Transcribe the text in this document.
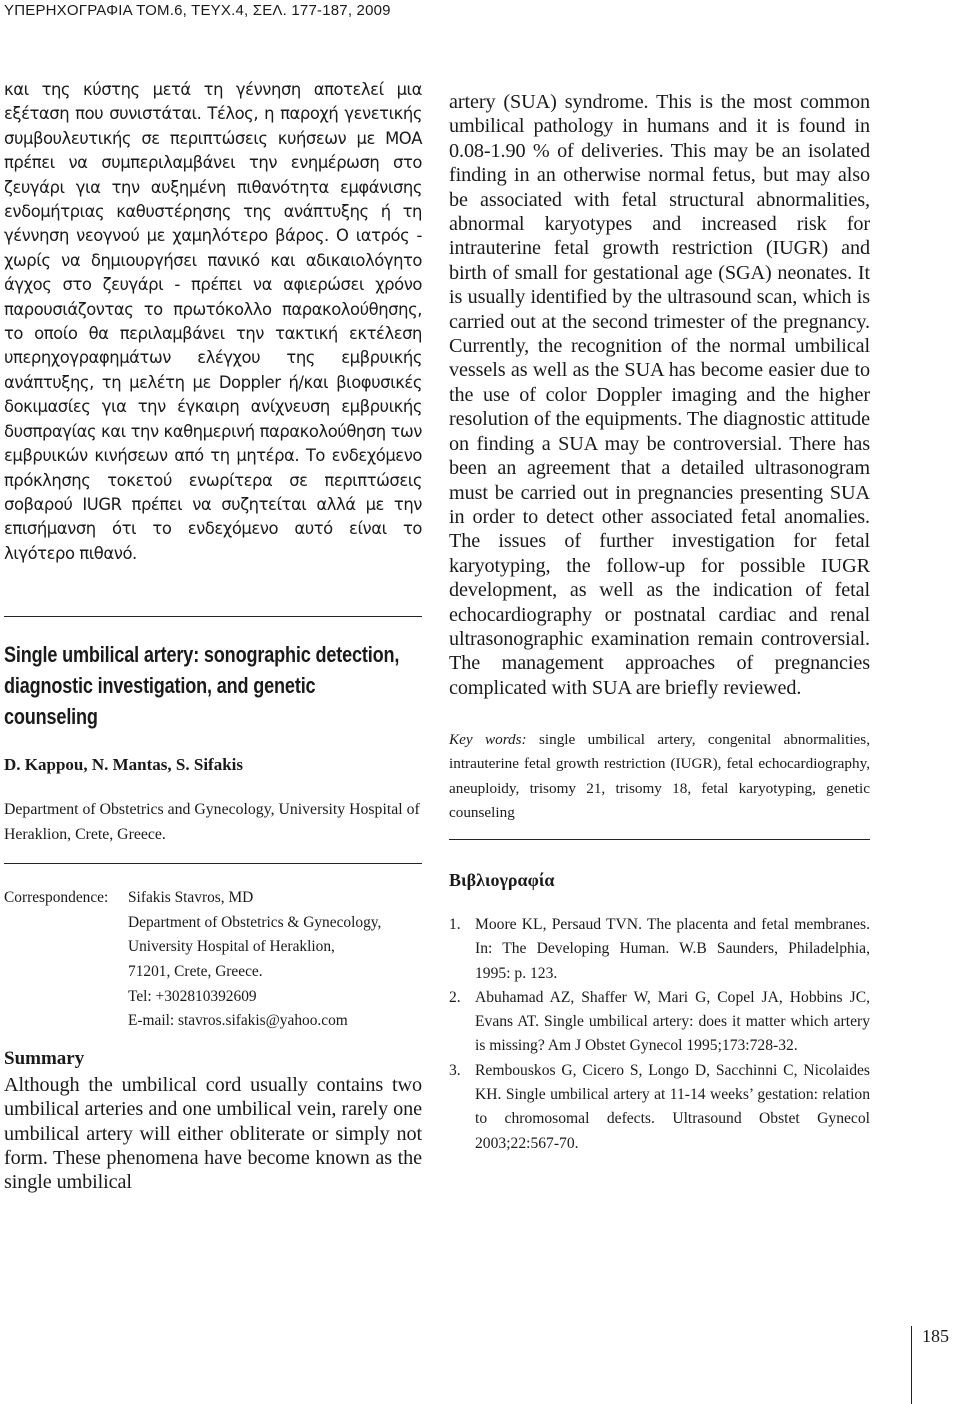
ΥΠΕΡΗΧΟΓΡΑΦΙΑ ΤΟΜ.6, ΤΕΥΧ.4, ΣΕΛ. 177-187, 2009
και της κύστης μετά τη γέννηση αποτελεί μια εξέταση που συνιστάται. Τέλος, η παροχή γενετικής συμβουλευτικής σε περιπτώσεις κυήσεων με ΜΟΑ πρέπει να συμπεριλαμβάνει την ενημέρωση στο ζευγάρι για την αυξημένη πιθανότητα εμφάνισης ενδομήτριας καθυστέρησης της ανάπτυξης ή τη γέννηση νεογνού με χαμηλότερο βάρος. Ο ιατρός - χωρίς να δημιουργήσει πανικό και αδικαιολόγητο άγχος στο ζευγάρι - πρέπει να αφιερώσει χρόνο παρουσιάζοντας το πρωτόκολλο παρακολούθησης, το οποίο θα περιλαμβάνει την τακτική εκτέλεση υπερηχογραφημάτων ελέγχου της εμβρυικής ανάπτυξης, τη μελέτη με Doppler ή/και βιοφυσικές δοκιμασίες για την έγκαιρη ανίχνευση εμβρυικής δυσπραγίας και την καθημερινή παρακολούθηση των εμβρυικών κινήσεων από τη μητέρα. Το ενδεχόμενο πρόκλησης τοκετού ενωρίτερα σε περιπτώσεις σοβαρού IUGR πρέπει να συζητείται αλλά με την επισήμανση ότι το ενδεχόμενο αυτό είναι το λιγότερο πιθανό.
Single umbilical artery: sonographic detection, diagnostic investigation, and genetic counseling
D. Kappou, N. Mantas, S. Sifakis
Department of Obstetrics and Gynecology, University Hospital of Heraklion, Crete, Greece.
Correspondence: Sifakis Stavros, MD
Department of Obstetrics & Gynecology,
University Hospital of Heraklion,
71201, Crete, Greece.
Tel: +302810392609
E-mail: stavros.sifakis@yahoo.com
Summary
Although the umbilical cord usually contains two umbilical arteries and one umbilical vein, rarely one umbilical artery will either obliterate or simply not form. These phenomena have become known as the single umbilical
artery (SUA) syndrome. This is the most common umbilical pathology in humans and it is found in 0.08-1.90 % of deliveries. This may be an isolated finding in an otherwise normal fetus, but may also be associated with fetal structural abnormalities, abnormal karyotypes and increased risk for intrauterine fetal growth restriction (IUGR) and birth of small for gestational age (SGA) neonates. It is usually identified by the ultrasound scan, which is carried out at the second trimester of the pregnancy. Currently, the recognition of the normal umbilical vessels as well as the SUA has become easier due to the use of color Doppler imaging and the higher resolution of the equipments. The diagnostic attitude on finding a SUA may be controversial. There has been an agreement that a detailed ultrasonogram must be carried out in pregnancies presenting SUA in order to detect other associated fetal anomalies. The issues of further investigation for fetal karyotyping, the follow-up for possible IUGR development, as well as the indication of fetal echocardiography or postnatal cardiac and renal ultrasonographic examination remain controversial. The management approaches of pregnancies complicated with SUA are briefly reviewed.
Key words: single umbilical artery, congenital abnormalities, intrauterine fetal growth restriction (IUGR), fetal echocardiography, aneuploidy, trisomy 21, trisomy 18, fetal karyotyping, genetic counseling
Βιβλιογραφία
1. Moore KL, Persaud TVN. The placenta and fetal membranes. In: The Developing Human. W.B Saunders, Philadelphia, 1995: p. 123.
2. Abuhamad AZ, Shaffer W, Mari G, Copel JA, Hobbins JC, Evans AT. Single umbilical artery: does it matter which artery is missing? Am J Obstet Gynecol 1995;173:728-32.
3. Rembouskos G, Cicero S, Longo D, Sacchinni C, Nicolaides KH. Single umbilical artery at 11-14 weeks’ gestation: relation to chromosomal defects. Ultrasound Obstet Gynecol 2003;22:567-70.
185
